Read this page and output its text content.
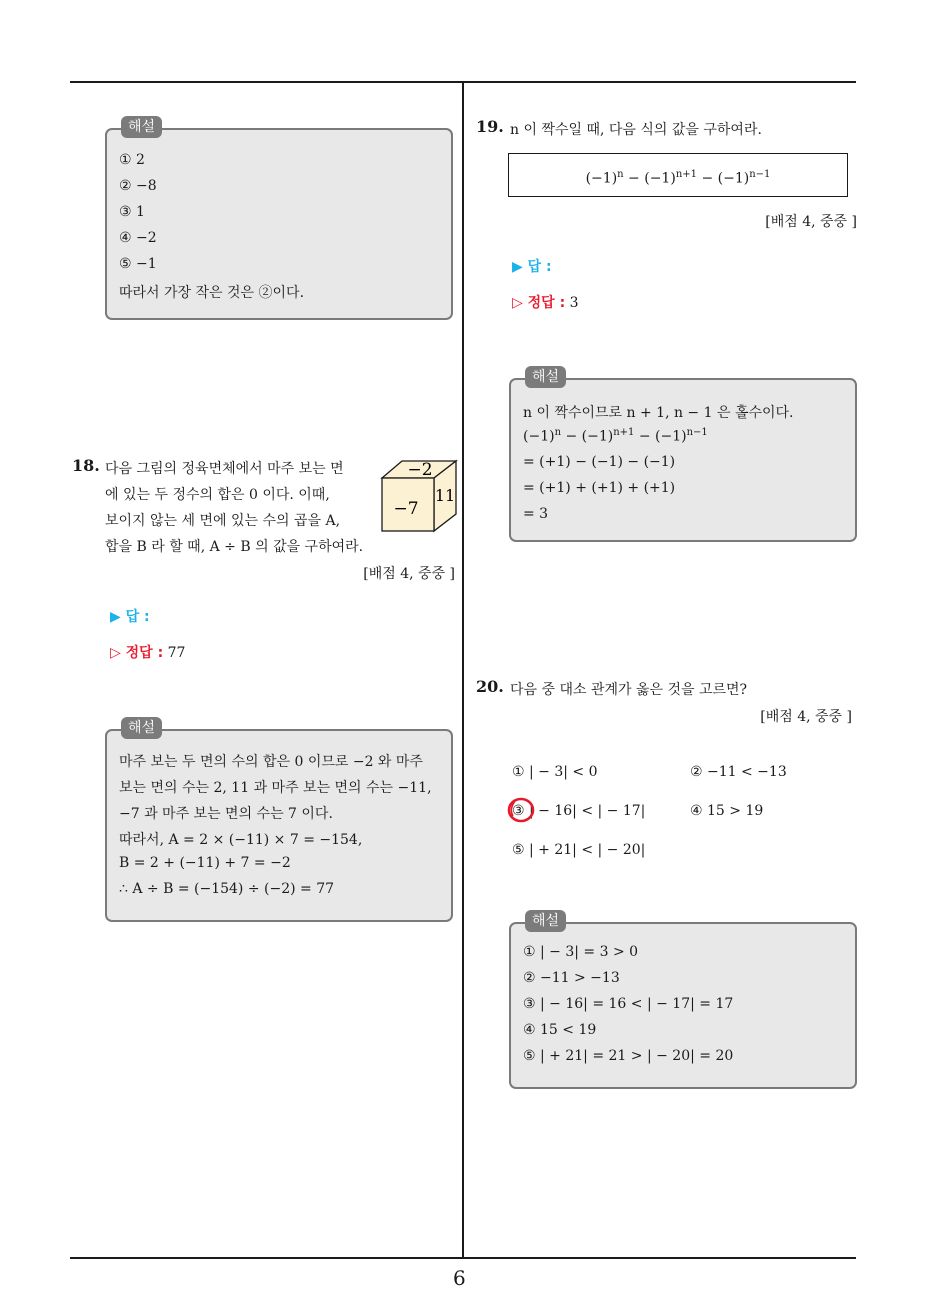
6
해설
① 2
② −8
③ 1
④ −2
⑤ −1
따라서 가장 작은 것은 ②이다.
18. 다음 그림의 정육면체에서 마주 보는 면
에 있는 두 정수의 합은 0 이다. 이때,
보이지 않는 세 면에 있는 수의 곱을 A,
합을 B 라 할 때, A ÷ B 의 값을 구하여라.
−2
11
−7
[배점 4, 중중 ]
▶ 답 :
▷ 정답 : 77
해설
마주 보는 두 면의 수의 합은 0 이므로 −2 와 마주
보는 면의 수는 2, 11 과 마주 보는 면의 수는 −11,
−7 과 마주 보는 면의 수는 7 이다.
따라서, A = 2 × (−11) × 7 = −154,
B = 2 + (−11) + 7 = −2
∴ A ÷ B = (−154) ÷ (−2) = 77
19. n 이 짝수일 때, 다음 식의 값을 구하여라.
$(-1)^n - (-1)^{n+1} - (-1)^{n-1}$
[배점 4, 중중 ]
▶ 답 :
▷ 정답 : 3
해설
n 이 짝수이므로 n + 1, n − 1 은 홀수이다.
$(-1)^n - (-1)^{n+1} - (-1)^{n-1}$
= (+1) − (−1) − (−1)
= (+1) + (+1) + (+1)
= 3
20. 다음 중 대소 관계가 옳은 것을 고르면?
[배점 4, 중중 ]
① | − 3| < 0	② −11 < −13
③ | − 16| < | − 17|	④ 15 > 19
⑤ | + 21| < | − 20|
해설
① | − 3| = 3 > 0
② −11 > −13
③ | − 16| = 16 < | − 17| = 17
④ 15 < 19
⑤ | + 21| = 21 > | − 20| = 20
